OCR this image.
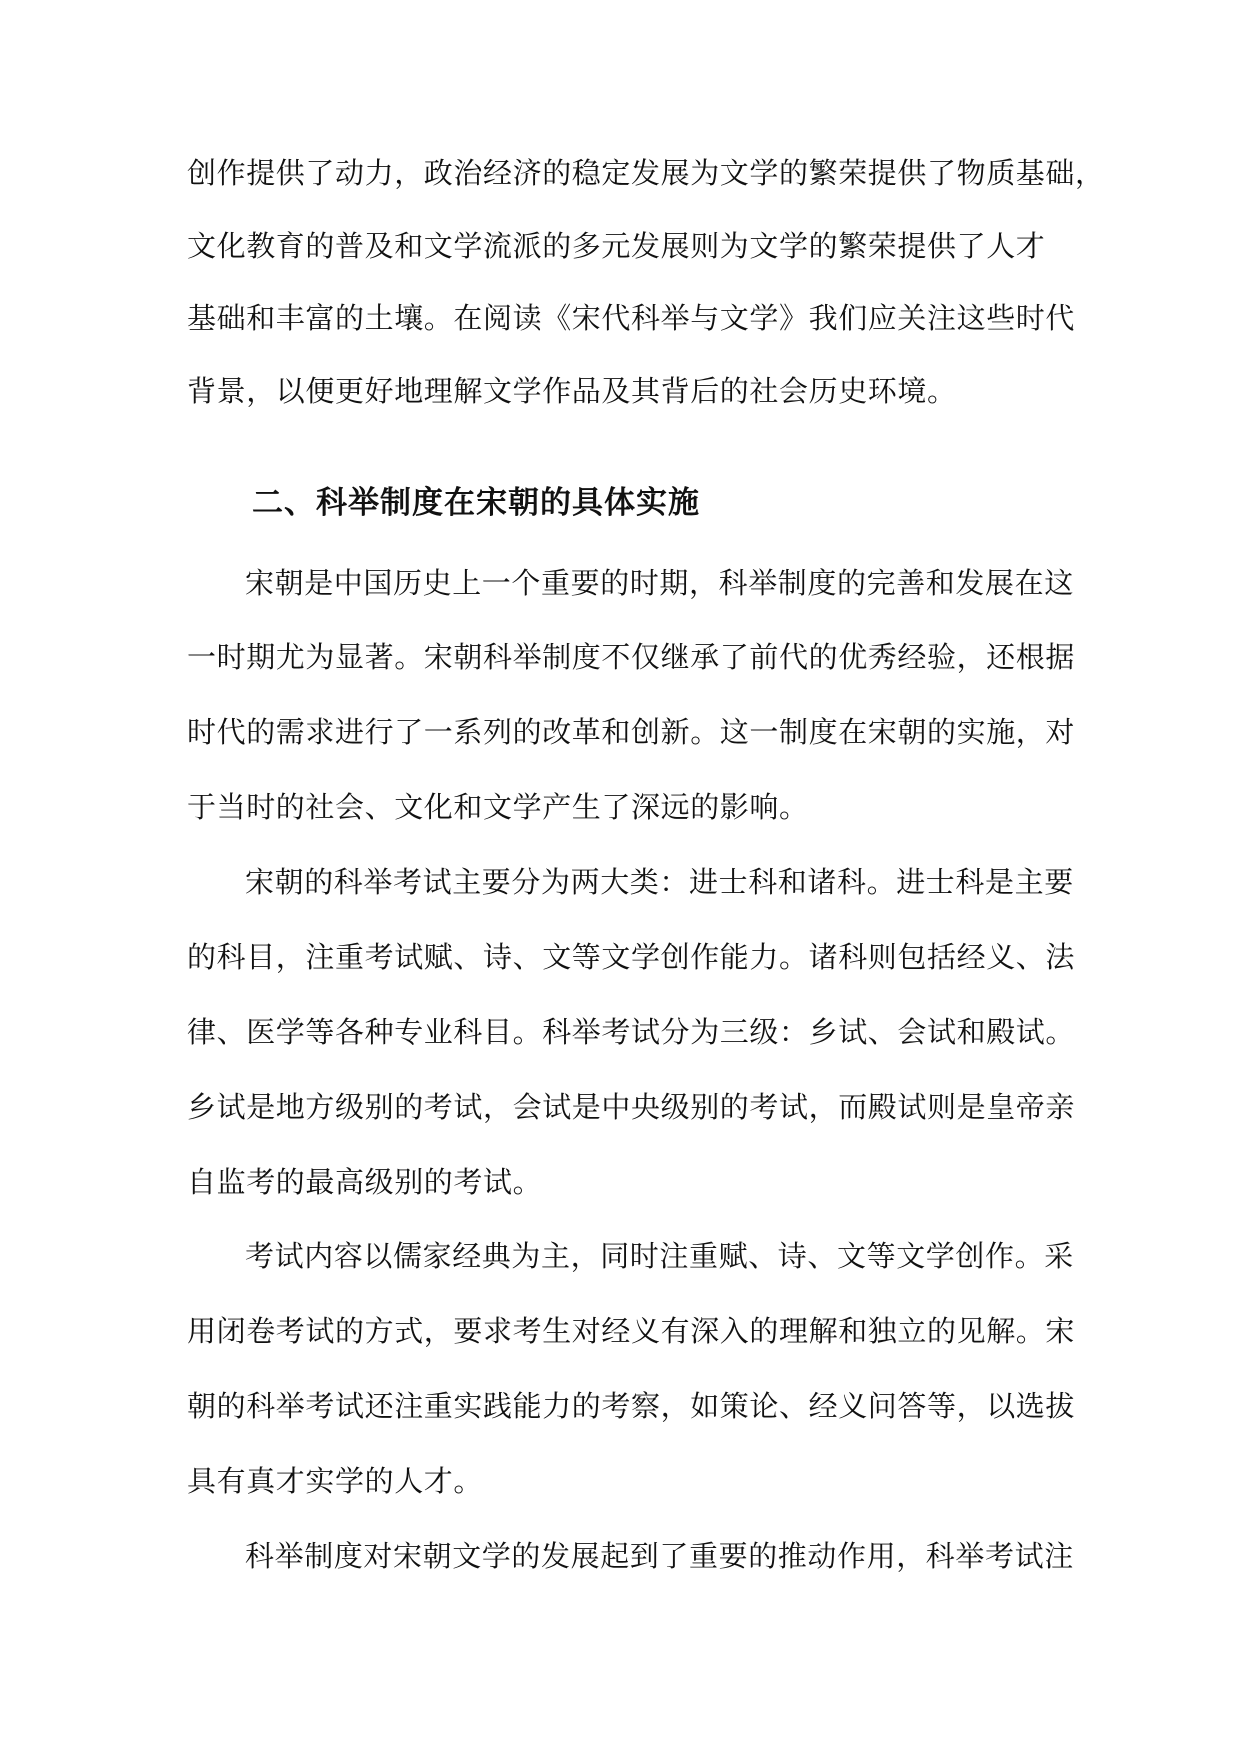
创作提供了动力，政治经济的稳定发展为文学的繁荣提供了物质基础，
文化教育的普及和文学流派的多元发展则为文学的繁荣提供了人才
基础和丰富的土壤。在阅读《宋代科举与文学》我们应关注这些时代
背景，以便更好地理解文学作品及其背后的社会历史环境。
二、科举制度在宋朝的具体实施
宋朝是中国历史上一个重要的时期，科举制度的完善和发展在这
一时期尤为显著。宋朝科举制度不仅继承了前代的优秀经验，还根据
时代的需求进行了一系列的改革和创新。这一制度在宋朝的实施，对
于当时的社会、文化和文学产生了深远的影响。
宋朝的科举考试主要分为两大类：进士科和诸科。进士科是主要
的科目，注重考试赋、诗、文等文学创作能力。诸科则包括经义、法
律、医学等各种专业科目。科举考试分为三级：乡试、会试和殿试。
乡试是地方级别的考试，会试是中央级别的考试，而殿试则是皇帝亲
自监考的最高级别的考试。
考试内容以儒家经典为主，同时注重赋、诗、文等文学创作。采
用闭卷考试的方式，要求考生对经义有深入的理解和独立的见解。宋
朝的科举考试还注重实践能力的考察，如策论、经义问答等，以选拔
具有真才实学的人才。
科举制度对宋朝文学的发展起到了重要的推动作用，科举考试注
